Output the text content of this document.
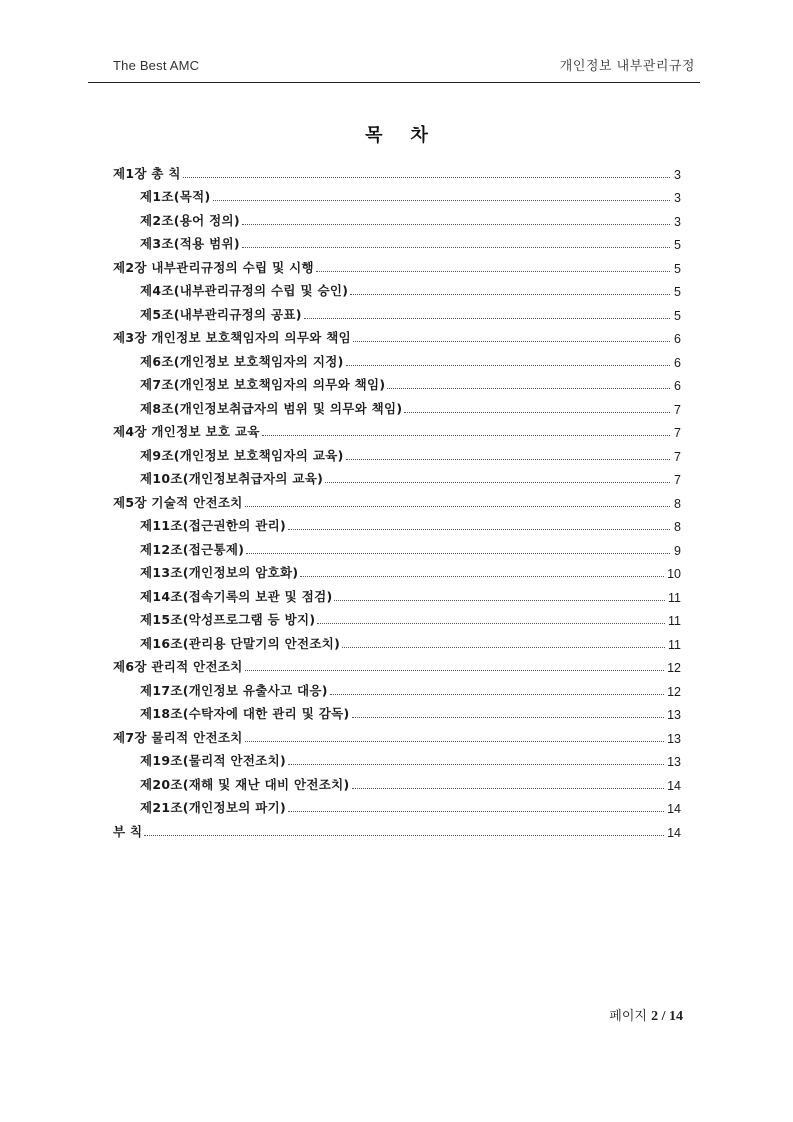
The Best AMC	개인정보 내부관리규정
목차
제1장 총 칙	3
제1조(목적)	3
제2조(용어 정의)	3
제3조(적용 범위)	5
제2장 내부관리규정의 수립 및 시행	5
제4조(내부관리규정의 수립 및 승인)	5
제5조(내부관리규정의 공표)	5
제3장 개인정보 보호책임자의 의무와 책임	6
제6조(개인정보 보호책임자의 지정)	6
제7조(개인정보 보호책임자의 의무와 책임)	6
제8조(개인정보취급자의 범위 및 의무와 책임)	7
제4장 개인정보 보호 교육	7
제9조(개인정보 보호책임자의 교육)	7
제10조(개인정보취급자의 교육)	7
제5장 기술적 안전조치	8
제11조(접근권한의 관리)	8
제12조(접근통제)	9
제13조(개인정보의 암호화)	10
제14조(접속기록의 보관 및 점검)	11
제15조(악성프로그램 등 방지)	11
제16조(관리용 단말기의 안전조치)	11
제6장 관리적 안전조치	12
제17조(개인정보 유출사고 대응)	12
제18조(수탁자에 대한 관리 및 감독)	13
제7장 물리적 안전조치	13
제19조(물리적 안전조치)	13
제20조(재해 및 재난 대비 안전조치)	14
제21조(개인정보의 파기)	14
부 칙	14
페이지 2 / 14
